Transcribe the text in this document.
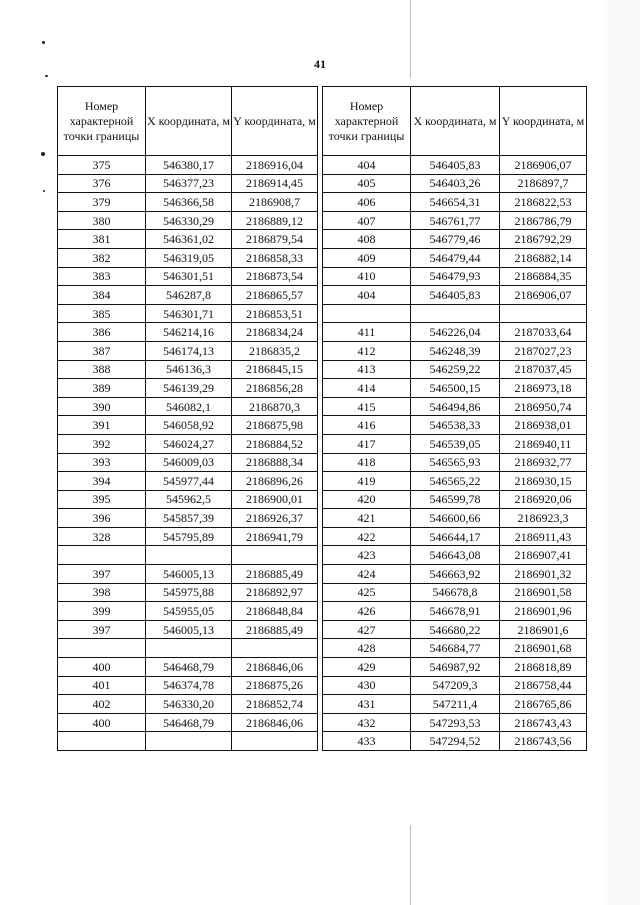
41
Номер характерной точки границы	X координата, м	Y координата, м
375	546380,17	2186916,04
376	546377,23	2186914,45
379	546366,58	2186908,7
380	546330,29	2186889,12
381	546361,02	2186879,54
382	546319,05	2186858,33
383	546301,51	2186873,54
384	546287,8	2186865,57
385	546301,71	2186853,51
386	546214,16	2186834,24
387	546174,13	2186835,2
388	546136,3	2186845,15
389	546139,29	2186856,28
390	546082,1	2186870,3
391	546058,92	2186875,98
392	546024,27	2186884,52
393	546009,03	2186888,34
394	545977,44	2186896,26
395	545962,5	2186900,01
396	545857,39	2186926,37
328	545795,89	2186941,79

397	546005,13	2186885,49
398	545975,88	2186892,97
399	545955,05	2186848,84
397	546005,13	2186885,49

400	546468,79	2186846,06
401	546374,78	2186875,26
402	546330,20	2186852,74
400	546468,79	2186846,06

Номер характерной точки границы	X координата, м	Y координата, м
404	546405,83	2186906,07
405	546403,26	2186897,7
406	546654,31	2186822,53
407	546761,77	2186786,79
408	546779,46	2186792,29
409	546479,44	2186882,14
410	546479,93	2186884,35
404	546405,83	2186906,07

411	546226,04	2187033,64
412	546248,39	2187027,23
413	546259,22	2187037,45
414	546500,15	2186973,18
415	546494,86	2186950,74
416	546538,33	2186938,01
417	546539,05	2186940,11
418	546565,93	2186932,77
419	546565,22	2186930,15
420	546599,78	2186920,06
421	546600,66	2186923,3
422	546644,17	2186911,43
423	546643,08	2186907,41
424	546663,92	2186901,32
425	546678,8	2186901,58
426	546678,91	2186901,96
427	546680,22	2186901,6
428	546684,77	2186901,68
429	546987,92	2186818,89
430	547209,3	2186758,44
431	547211,4	2186765,86
432	547293,53	2186743,43
433	547294,52	2186743,56
